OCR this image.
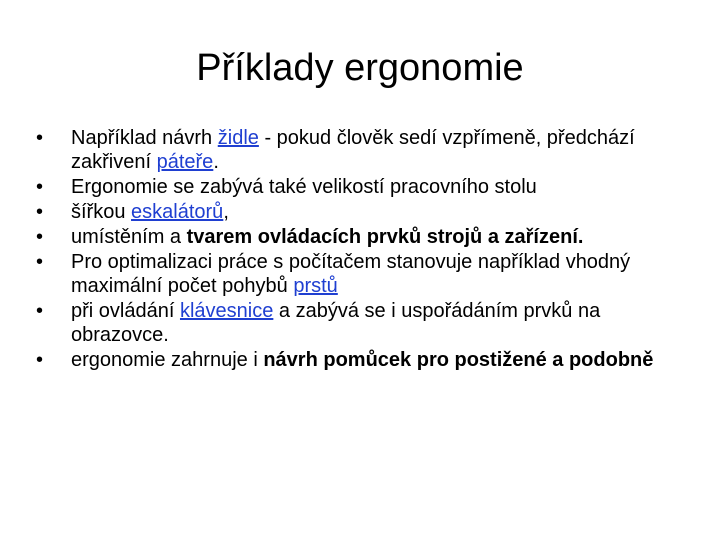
Příklady ergonomie
•	Například návrh židle - pokud člověk sedí vzpřímeně, předchází zakřivení páteře.
•	Ergonomie se zabývá také velikostí pracovního stolu
•	šířkou eskalátorů,
•	umístěním a tvarem ovládacích prvků strojů a zařízení.
•	Pro optimalizaci práce s počítačem stanovuje například vhodný maximální počet pohybů prstů
•	při ovládání klávesnice a zabývá se i uspořádáním prvků na obrazovce.
•	ergonomie zahrnuje i návrh pomůcek pro postižené a podobně
